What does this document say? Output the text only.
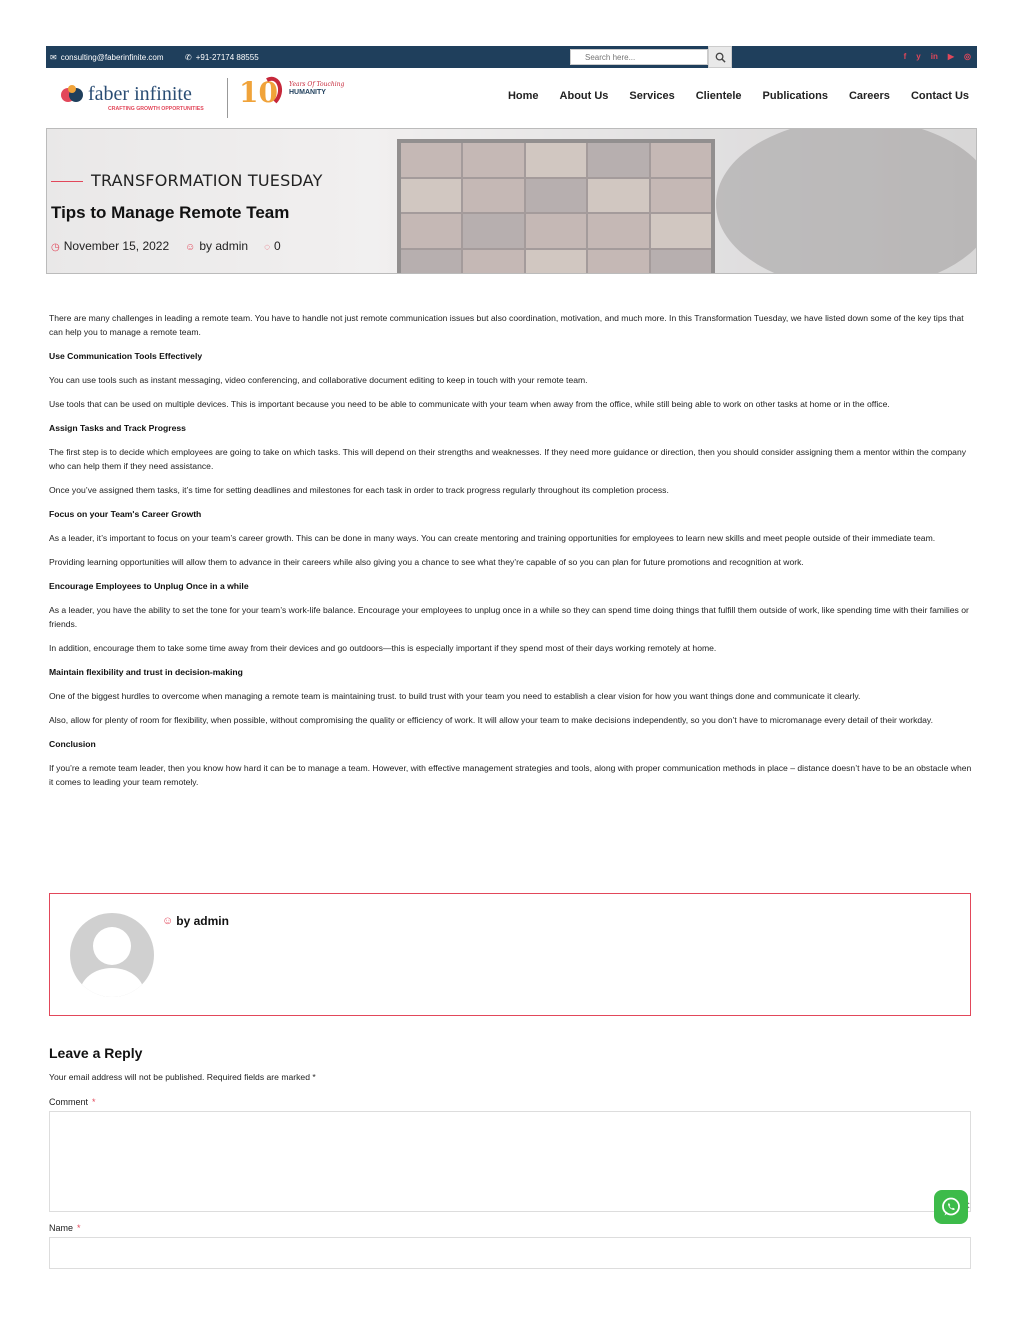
✉ consulting@faberinfinite.com	✆ +91-27174 88555
Search here...	f y in ▶ ◎
faber infinite
CRAFTING GROWTH OPPORTUNITIES 10 Years Of Touching
HUMANITY	Home About Us Services Clientele Publications Careers Contact Us
TRANSFORMATION TUESDAY
Tips to Manage Remote Team
◷ November 15, 2022 ☺ by admin ◌ 0

There are many challenges in leading a remote team. You have to handle not just remote communication issues but also coordination, motivation, and much more. In this Transformation Tuesday, we have listed down some of the key tips that can help you to manage a remote team.

Use Communication Tools Effectively

You can use tools such as instant messaging, video conferencing, and collaborative document editing to keep in touch with your remote team.

Use tools that can be used on multiple devices. This is important because you need to be able to communicate with your team when away from the office, while still being able to work on other tasks at home or in the office.

Assign Tasks and Track Progress

The first step is to decide which employees are going to take on which tasks. This will depend on their strengths and weaknesses. If they need more guidance or direction, then you should consider assigning them a mentor within the company who can help them if they need assistance.

Once you’ve assigned them tasks, it’s time for setting deadlines and milestones for each task in order to track progress regularly throughout its completion process.

Focus on your Team's Career Growth

As a leader, it’s important to focus on your team’s career growth. This can be done in many ways. You can create mentoring and training opportunities for employees to learn new skills and meet people outside of their immediate team.

Providing learning opportunities will allow them to advance in their careers while also giving you a chance to see what they’re capable of so you can plan for future promotions and recognition at work.

Encourage Employees to Unplug Once in a while

As a leader, you have the ability to set the tone for your team’s work-life balance. Encourage your employees to unplug once in a while so they can spend time doing things that fulfill them outside of work, like spending time with their families or friends.

In addition, encourage them to take some time away from their devices and go outdoors—this is especially important if they spend most of their days working remotely at home.

Maintain flexibility and trust in decision-making

One of the biggest hurdles to overcome when managing a remote team is maintaining trust. to build trust with your team you need to establish a clear vision for how you want things done and communicate it clearly.

Also, allow for plenty of room for flexibility, when possible, without compromising the quality or efficiency of work. It will allow your team to make decisions independently, so you don’t have to micromanage every detail of their workday.

Conclusion

If you’re a remote team leader, then you know how hard it can be to manage a team. However, with effective management strategies and tools, along with proper communication methods in place – distance doesn’t have to be an obstacle when it comes to leading your team remotely.

☺ by admin
Leave a Reply
Your email address will not be published. Required fields are marked *
Comment *
Name *
